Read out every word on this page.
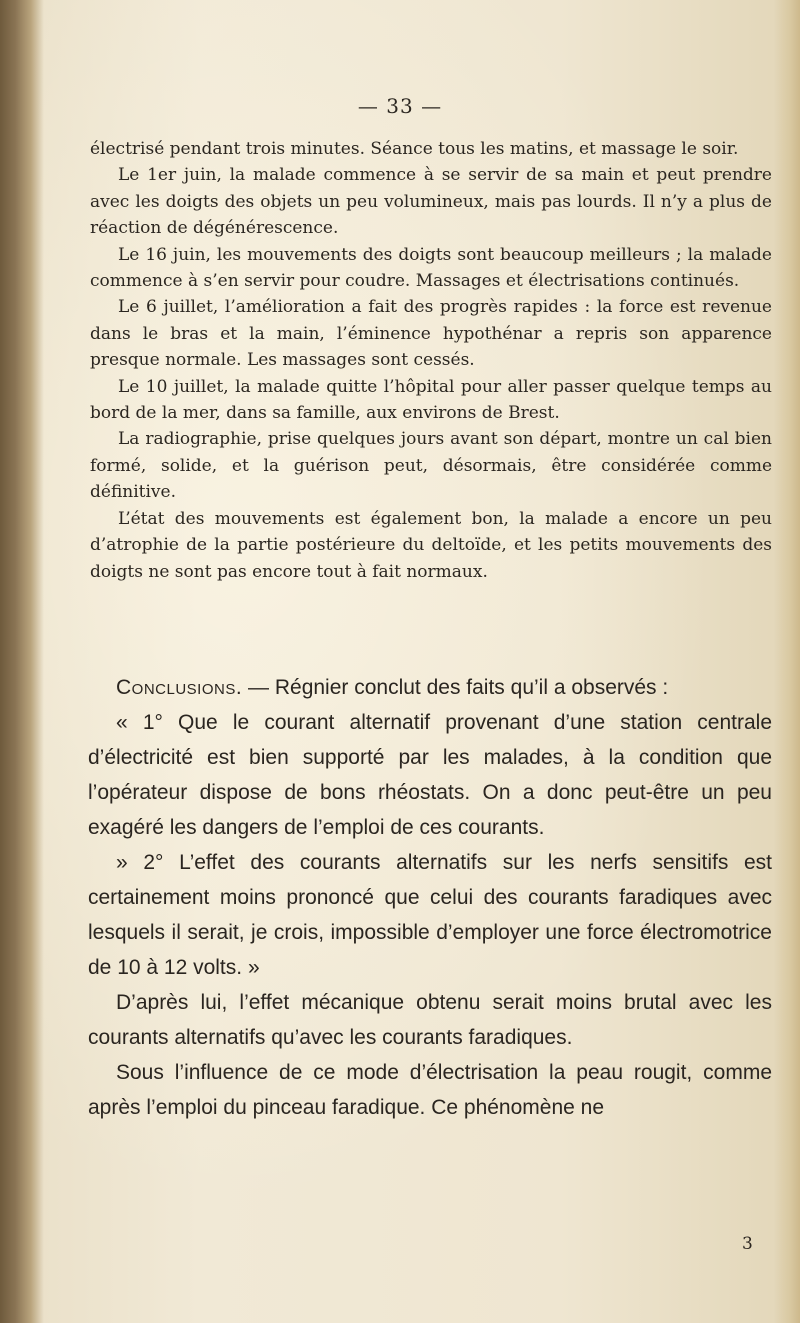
— 33 —

électrisé pendant trois minutes. Séance tous les matins, et massage le soir.

Le 1er juin, la malade commence à se servir de sa main et peut prendre avec les doigts des objets un peu volumineux, mais pas lourds. Il n’y a plus de réaction de dégénérescence.

Le 16 juin, les mouvements des doigts sont beaucoup meilleurs ; la malade commence à s’en servir pour coudre. Massages et électrisations continués.

Le 6 juillet, l’amélioration a fait des progrès rapides : la force est revenue dans le bras et la main, l’éminence hypothénar a repris son apparence presque normale. Les massages sont cessés.

Le 10 juillet, la malade quitte l’hôpital pour aller passer quelque temps au bord de la mer, dans sa famille, aux environs de Brest.

La radiographie, prise quelques jours avant son départ, montre un cal bien formé, solide, et la guérison peut, désormais, être considérée comme définitive.

L’état des mouvements est également bon, la malade a encore un peu d’atrophie de la partie postérieure du deltoïde, et les petits mouvements des doigts ne sont pas encore tout à fait normaux.

Conclusions. — Régnier conclut des faits qu’il a observés :

« 1° Que le courant alternatif provenant d’une station centrale d’électricité est bien supporté par les malades, à la condition que l’opérateur dispose de bons rhéostats. On a donc peut-être un peu exagéré les dangers de l’emploi de ces courants.

» 2° L’effet des courants alternatifs sur les nerfs sensitifs est certainement moins prononcé que celui des courants faradiques avec lesquels il serait, je crois, impossible d’employer une force électromotrice de 10 à 12 volts. »

D’après lui, l’effet mécanique obtenu serait moins brutal avec les courants alternatifs qu’avec les courants faradiques.

Sous l’influence de ce mode d’électrisation la peau rougit, comme après l’emploi du pinceau faradique. Ce phénomène ne

3
